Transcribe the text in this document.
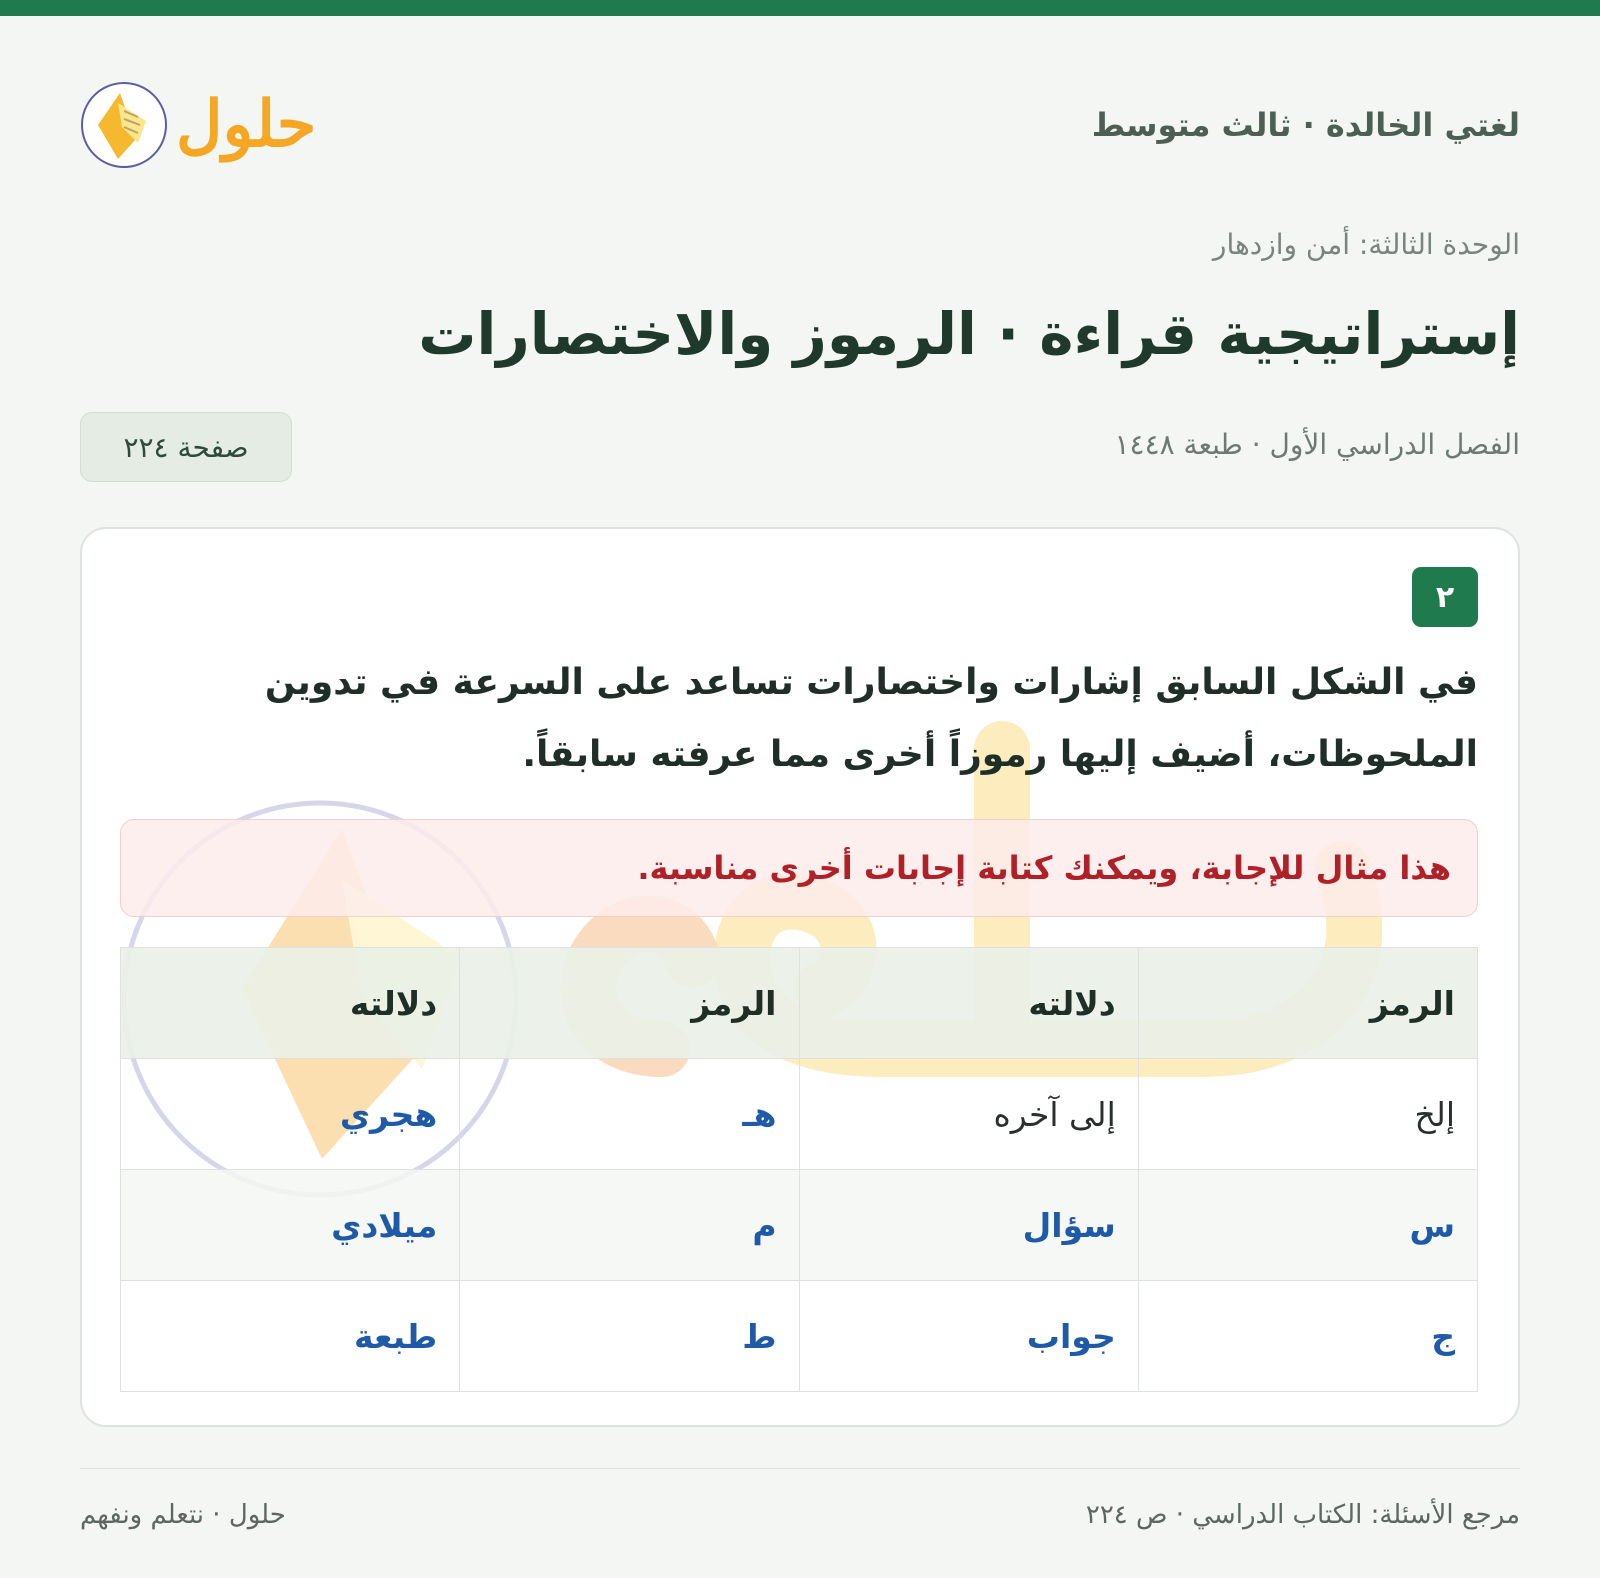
لغتي الخالدة · ثالث متوسط
حلول
الوحدة الثالثة: أمن وازدهار
إستراتيجية قراءة · الرموز والاختصارات
الفصل الدراسي الأول · طبعة ١٤٤٨
صفحة ٢٢٤
٢

في الشكل السابق إشارات واختصارات تساعد على السرعة في تدوين الملحوظات، أضيف إليها رموزاً أخرى مما عرفته سابقاً.

هذا مثال للإجابة، ويمكنك كتابة إجابات أخرى مناسبة.
الرمز	دلالته	الرمز	دلالته
إلخ	إلى آخره	هـ	هجري
س	سؤال	م	ميلادي
ج	جواب	ط	طبعة
مرجع الأسئلة: الكتاب الدراسي · ص ٢٢٤
حلول · نتعلم ونفهم
